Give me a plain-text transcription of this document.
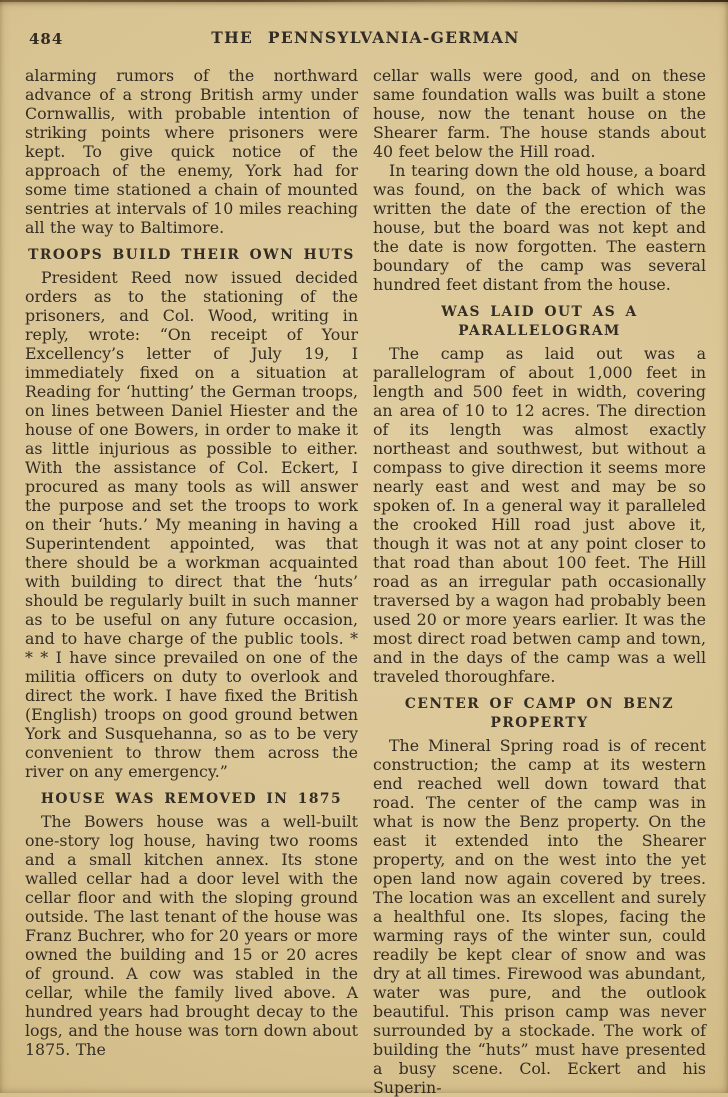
484	THE PENNSYLVANIA-GERMAN

alarming rumors of the northward advance of a strong British army under Cornwallis, with probable intention of striking points where prisoners were kept. To give quick notice of the approach of the enemy, York had for some time stationed a chain of mounted sentries at intervals of 10 miles reaching all the way to Baltimore.

TROOPS BUILD THEIR OWN HUTS

President Reed now issued decided orders as to the stationing of the prisoners, and Col. Wood, writing in reply, wrote: “On receipt of Your Excellency’s letter of July 19, I immediately fixed on a situation at Reading for ‘hutting’ the German troops, on lines between Daniel Hiester and the house of one Bowers, in order to make it as little injurious as possible to either. With the assistance of Col. Eckert, I procured as many tools as will answer the purpose and set the troops to work on their ‘huts.’ My meaning in having a Superintendent appointed, was that there should be a workman acquainted with building to direct that the ‘huts’ should be regularly built in such manner as to be useful on any future occasion, and to have charge of the public tools. * * * I have since prevailed on one of the militia officers on duty to overlook and direct the work. I have fixed the British (English) troops on good ground betwen York and Susquehanna, so as to be very convenient to throw them across the river on any emergency.”

HOUSE WAS REMOVED IN 1875

The Bowers house was a well-built one-story log house, having two rooms and a small kitchen annex. Its stone walled cellar had a door level with the cellar floor and with the sloping ground outside. The last tenant of the house was Franz Buchrer, who for 20 years or more owned the building and 15 or 20 acres of ground. A cow was stabled in the cellar, while the family lived above. A hundred years had brought decay to the logs, and the house was torn down about 1875. The

cellar walls were good, and on these same foundation walls was built a stone house, now the tenant house on the Shearer farm. The house stands about 40 feet below the Hill road.

In tearing down the old house, a board was found, on the back of which was written the date of the erection of the house, but the board was not kept and the date is now forgotten. The eastern boundary of the camp was several hundred feet distant from the house.

WAS LAID OUT AS A PARALLELOGRAM

The camp as laid out was a parallelogram of about 1,000 feet in length and 500 feet in width, covering an area of 10 to 12 acres. The direction of its length was almost exactly northeast and southwest, but without a compass to give direction it seems more nearly east and west and may be so spoken of. In a general way it paralleled the crooked Hill road just above it, though it was not at any point closer to that road than about 100 feet. The Hill road as an irregular path occasionally traversed by a wagon had probably been used 20 or more years earlier. It was the most direct road betwen camp and town, and in the days of the camp was a well traveled thoroughfare.

CENTER OF CAMP ON BENZ PROPERTY

The Mineral Spring road is of recent construction; the camp at its western end reached well down toward that road. The center of the camp was in what is now the Benz property. On the east it extended into the Shearer property, and on the west into the yet open land now again covered by trees. The location was an excellent and surely a healthful one. Its slopes, facing the warming rays of the winter sun, could readily be kept clear of snow and was dry at all times. Firewood was abundant, water was pure, and the outlook beautiful. This prison camp was never surrounded by a stockade. The work of building the “huts” must have presented a busy scene. Col. Eckert and his Superin-
